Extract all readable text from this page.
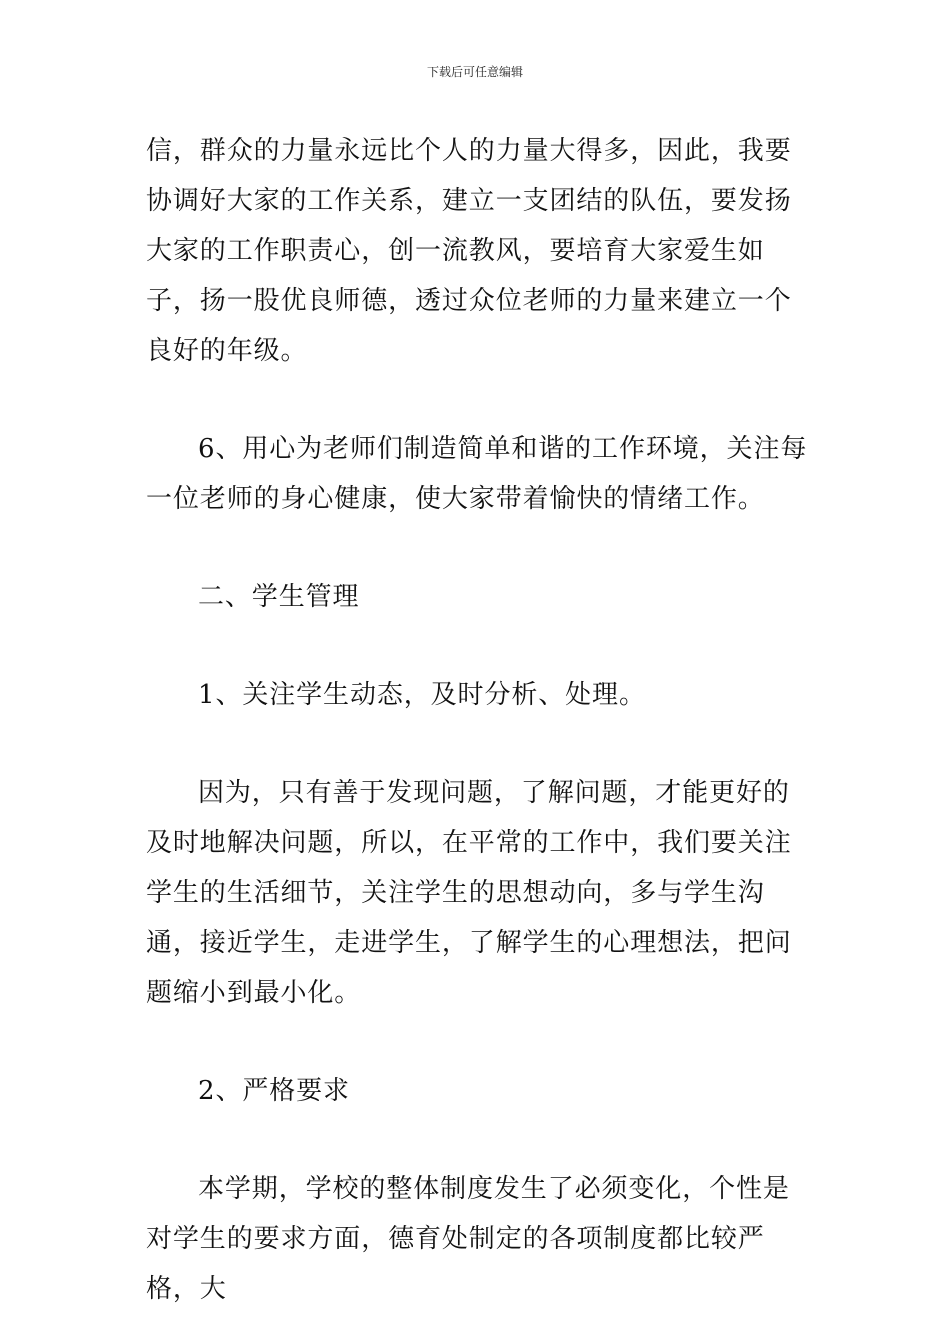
下载后可任意编辑

信，群众的力量永远比个人的力量大得多，因此，我要协调好大家的工作关系，建立一支团结的队伍，要发扬大家的工作职责心，创一流教风，要培育大家爱生如子，扬一股优良师德，透过众位老师的力量来建立一个良好的年级。

6、用心为老师们制造简单和谐的工作环境，关注每一位老师的身心健康，使大家带着愉快的情绪工作。

二、学生管理

1、关注学生动态，及时分析、处理。

因为，只有善于发现问题，了解问题，才能更好的及时地解决问题，所以，在平常的工作中，我们要关注学生的生活细节，关注学生的思想动向，多与学生沟通，接近学生，走进学生，了解学生的心理想法，把问题缩小到最小化。

2、严格要求

本学期，学校的整体制度发生了必须变化，个性是对学生的要求方面，德育处制定的各项制度都比较严格，大
